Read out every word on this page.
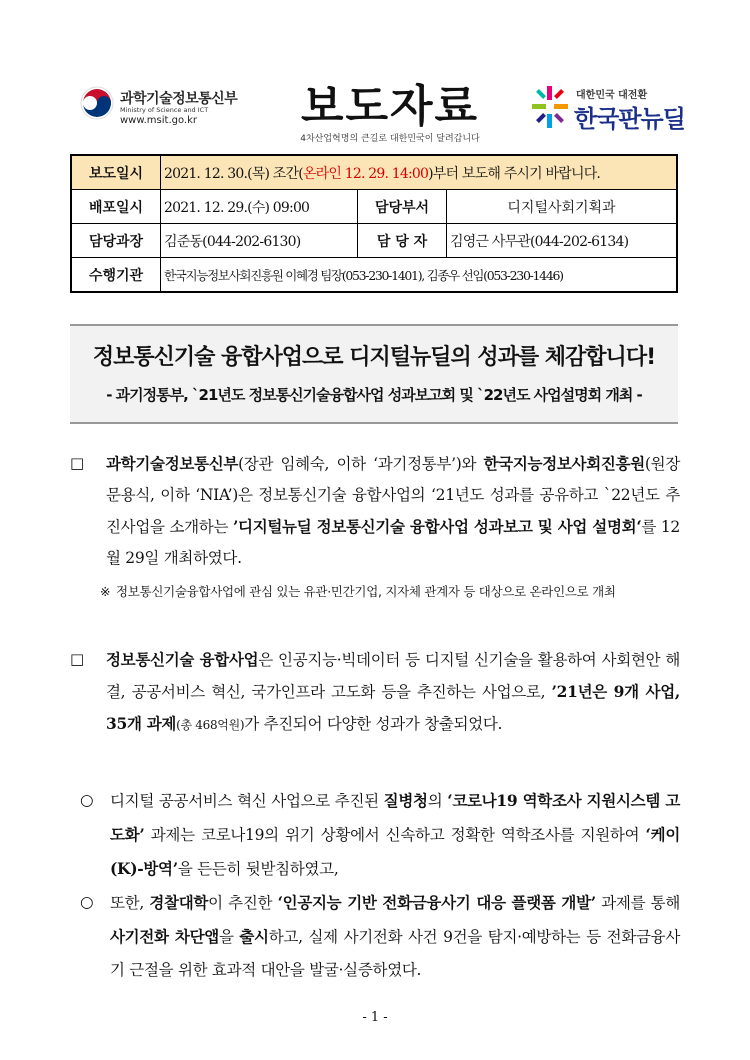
과학기술정보통신부
Ministry of Science and ICT
www.msit.go.kr 보도자료
4차산업혁명의 큰길로 대한민국이 달려갑니다
대한민국 대전환
한국판뉴딜
보도일시	2021. 12. 30.(목) 조간(온라인 12. 29. 14:00)부터 보도해 주시기 바랍니다.		
배포일시	2021. 12. 29.(수) 09:00	담당부서	디지털사회기획과
담당과장	김준동(044-202-6130)	담 당 자	김영근 사무관(044-202-6134)
수행기관	한국지능정보사회진흥원 이혜경 팀장(053-230-1401), 김종우 선임(053-230-1446)		
정보통신기술 융합사업으로 디지털뉴딜의 성과를 체감합니다!
- 과기정통부, `21년도 정보통신기술융합사업 성과보고회 및 `22년도 사업설명회 개최 -
□ 과학기술정보통신부(장관 임혜숙, 이하 ‘과기정통부’)와 한국지능정보사회진흥원(원장 문용식, 이하 ‘NIA’)은 정보통신기술 융합사업의 ‘21년도 성과를 공유하고 `22년도 추진사업을 소개하는 ’디지털뉴딜 정보통신기술 융합사업 성과보고 및 사업 설명회‘를 12월 29일 개최하였다.
※ 정보통신기술융합사업에 관심 있는 유관·민간기업, 지자체 관계자 등 대상으로 온라인으로 개최
□ 정보통신기술 융합사업은 인공지능·빅데이터 등 디지털 신기술을 활용하여 사회현안 해결, 공공서비스 혁신, 국가인프라 고도화 등을 추진하는 사업으로, ’21년은 9개 사업, 35개 과제(총 468억원)가 추진되어 다양한 성과가 창출되었다.
○ 디지털 공공서비스 혁신 사업으로 추진된 질병청의 ‘코로나19 역학조사 지원시스템 고도화’ 과제는 코로나19의 위기 상황에서 신속하고 정확한 역학조사를 지원하여 ‘케이(K)-방역’을 든든히 뒷받침하였고,
○ 또한, 경찰대학이 추진한 ‘인공지능 기반 전화금융사기 대응 플랫폼 개발’ 과제를 통해 사기전화 차단앱을 출시하고, 실제 사기전화 사건 9건을 탐지·예방하는 등 전화금융사기 근절을 위한 효과적 대안을 발굴·실증하였다.
- 1 -
